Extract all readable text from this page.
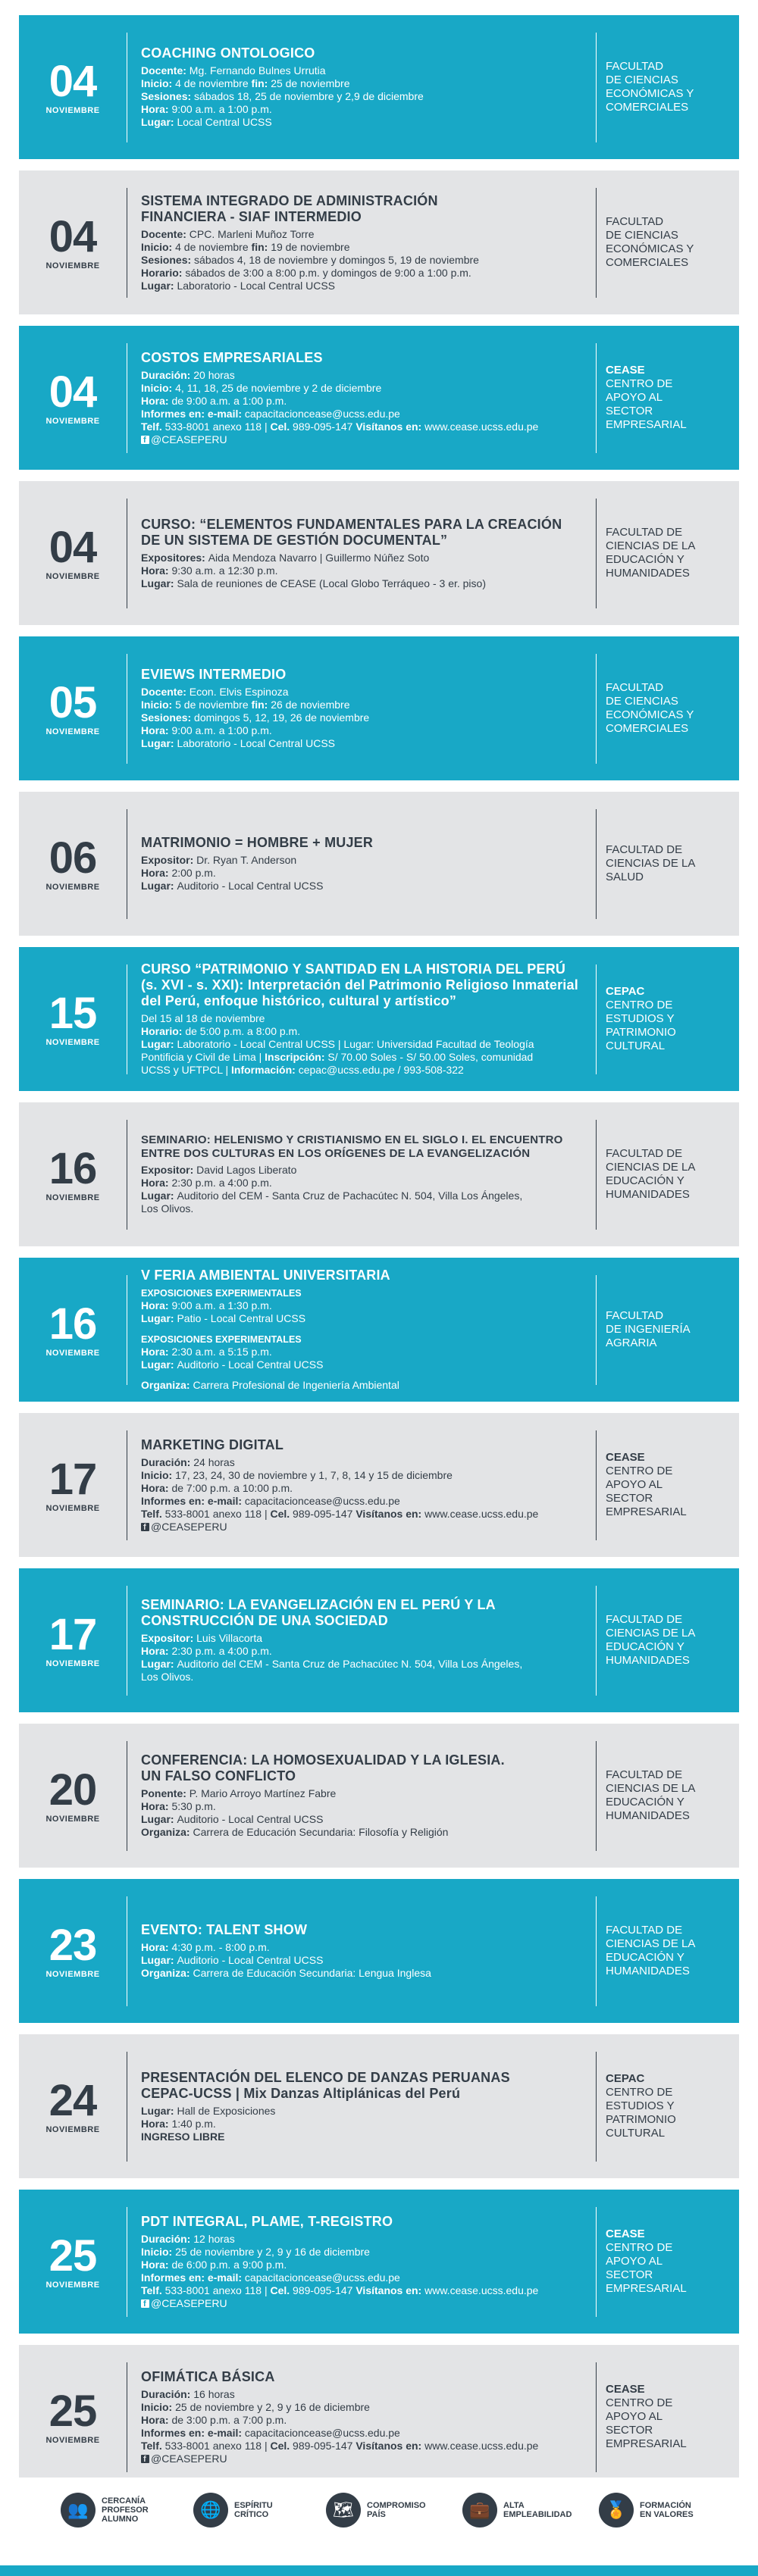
04
NOVIEMBRE
COACHING ONTOLOGICO
Docente: Mg. Fernando Bulnes Urrutia
Inicio: 4 de noviembre fin: 25 de noviembre
Sesiones: sábados 18, 25 de noviembre y 2,9 de diciembre
Hora: 9:00 a.m. a 1:00 p.m.
Lugar: Local Central UCSS
FACULTAD
DE CIENCIAS
ECONÓMICAS Y
COMERCIALES
04
NOVIEMBRE
SISTEMA INTEGRADO DE ADMINISTRACIÓN
FINANCIERA - SIAF INTERMEDIO
Docente: CPC. Marleni Muñoz Torre
Inicio: 4 de noviembre fin: 19 de noviembre
Sesiones: sábados 4, 18 de noviembre y domingos 5, 19 de noviembre
Horario: sábados de 3:00 a 8:00 p.m. y domingos de 9:00 a 1:00 p.m.
Lugar: Laboratorio - Local Central UCSS
FACULTAD
DE CIENCIAS
ECONÓMICAS Y
COMERCIALES
04
NOVIEMBRE
COSTOS EMPRESARIALES
Duración: 20 horas
Inicio: 4, 11, 18, 25 de noviembre y 2 de diciembre
Hora: de 9:00 a.m. a 1:00 p.m.
Informes en: e-mail: capacitacioncease@ucss.edu.pe
Telf. 533-8001 anexo 118 | Cel. 989-095-147 Visítanos en: www.cease.ucss.edu.pe
f@CEASEPERU
CEASE
CENTRO DE
APOYO AL
SECTOR
EMPRESARIAL
04
NOVIEMBRE
CURSO: “ELEMENTOS FUNDAMENTALES PARA LA CREACIÓN
DE UN SISTEMA DE GESTIÓN DOCUMENTAL”
Expositores: Aida Mendoza Navarro | Guillermo Núñez Soto
Hora: 9:30 a.m. a 12:30 p.m.
Lugar: Sala de reuniones de CEASE (Local Globo Terráqueo - 3 er. piso)
FACULTAD DE
CIENCIAS DE LA
EDUCACIÓN Y
HUMANIDADES
05
NOVIEMBRE
EVIEWS INTERMEDIO
Docente: Econ. Elvis Espinoza
Inicio: 5 de noviembre fin: 26 de noviembre
Sesiones: domingos 5, 12, 19, 26 de noviembre
Hora: 9:00 a.m. a 1:00 p.m.
Lugar: Laboratorio - Local Central UCSS
FACULTAD
DE CIENCIAS
ECONÓMICAS Y
COMERCIALES
06
NOVIEMBRE
MATRIMONIO = HOMBRE + MUJER
Expositor: Dr. Ryan T. Anderson
Hora: 2:00 p.m.
Lugar: Auditorio - Local Central UCSS
FACULTAD DE
CIENCIAS DE LA
SALUD
15
NOVIEMBRE
CURSO “PATRIMONIO Y SANTIDAD EN LA HISTORIA DEL PERÚ
(s. XVI - s. XXI): Interpretación del Patrimonio Religioso Inmaterial
del Perú, enfoque histórico, cultural y artístico”
Del 15 al 18 de noviembre
Horario: de 5:00 p.m. a 8:00 p.m.
Lugar: Laboratorio - Local Central UCSS | Lugar: Universidad Facultad de Teología
Pontificia y Civil de Lima | Inscripción: S/ 70.00 Soles - S/ 50.00 Soles, comunidad
UCSS y UFTPCL | Información: cepac@ucss.edu.pe / 993-508-322
CEPAC
CENTRO DE
ESTUDIOS Y
PATRIMONIO
CULTURAL
16
NOVIEMBRE
SEMINARIO: HELENISMO Y CRISTIANISMO EN EL SIGLO I. EL ENCUENTRO
ENTRE DOS CULTURAS EN LOS ORÍGENES DE LA EVANGELIZACIÓN
Expositor: David Lagos Liberato
Hora: 2:30 p.m. a 4:00 p.m.
Lugar: Auditorio del CEM - Santa Cruz de Pachacútec N. 504, Villa Los Ángeles,
Los Olivos.
FACULTAD DE
CIENCIAS DE LA
EDUCACIÓN Y
HUMANIDADES
16
NOVIEMBRE
V FERIA AMBIENTAL UNIVERSITARIA
EXPOSICIONES EXPERIMENTALES
Hora: 9:00 a.m. a 1:30 p.m.
Lugar: Patio - Local Central UCSS
EXPOSICIONES EXPERIMENTALES
Hora: 2:30 a.m. a 5:15 p.m.
Lugar: Auditorio - Local Central UCSS
Organiza: Carrera Profesional de Ingeniería Ambiental
FACULTAD
DE INGENIERÍA
AGRARIA
17
NOVIEMBRE
MARKETING DIGITAL
Duración: 24 horas
Inicio: 17, 23, 24, 30 de noviembre y 1, 7, 8, 14 y 15 de diciembre
Hora: de 7:00 p.m. a 10:00 p.m.
Informes en: e-mail: capacitacioncease@ucss.edu.pe
Telf. 533-8001 anexo 118 | Cel. 989-095-147 Visítanos en: www.cease.ucss.edu.pe
f@CEASEPERU
CEASE
CENTRO DE
APOYO AL
SECTOR
EMPRESARIAL
17
NOVIEMBRE
SEMINARIO: LA EVANGELIZACIÓN EN EL PERÚ Y LA
CONSTRUCCIÓN DE UNA SOCIEDAD
Expositor: Luis Villacorta
Hora: 2:30 p.m. a 4:00 p.m.
Lugar: Auditorio del CEM - Santa Cruz de Pachacútec N. 504, Villa Los Ángeles,
Los Olivos.
FACULTAD DE
CIENCIAS DE LA
EDUCACIÓN Y
HUMANIDADES
20
NOVIEMBRE
CONFERENCIA: LA HOMOSEXUALIDAD Y LA IGLESIA.
UN FALSO CONFLICTO
Ponente: P. Mario Arroyo Martínez Fabre
Hora: 5:30 p.m.
Lugar: Auditorio - Local Central UCSS
Organiza: Carrera de Educación Secundaria: Filosofía y Religión
FACULTAD DE
CIENCIAS DE LA
EDUCACIÓN Y
HUMANIDADES
23
NOVIEMBRE
EVENTO: TALENT SHOW
Hora: 4:30 p.m. - 8:00 p.m.
Lugar: Auditorio - Local Central UCSS
Organiza: Carrera de Educación Secundaria: Lengua Inglesa
FACULTAD DE
CIENCIAS DE LA
EDUCACIÓN Y
HUMANIDADES
24
NOVIEMBRE
PRESENTACIÓN DEL ELENCO DE DANZAS PERUANAS
CEPAC-UCSS | Mix Danzas Altiplánicas del Perú
Lugar: Hall de Exposiciones
Hora: 1:40 p.m.
INGRESO LIBRE
CEPAC
CENTRO DE
ESTUDIOS Y
PATRIMONIO
CULTURAL
25
NOVIEMBRE
PDT INTEGRAL, PLAME, T-REGISTRO
Duración: 12 horas
Inicio: 25 de noviembre y 2, 9 y 16 de diciembre
Hora: de 6:00 p.m. a 9:00 p.m.
Informes en: e-mail: capacitacioncease@ucss.edu.pe
Telf. 533-8001 anexo 118 | Cel. 989-095-147 Visítanos en: www.cease.ucss.edu.pe
f@CEASEPERU
CEASE
CENTRO DE
APOYO AL
SECTOR
EMPRESARIAL
25
NOVIEMBRE
OFIMÁTICA BÁSICA
Duración: 16 horas
Inicio: 25 de noviembre y 2, 9 y 16 de diciembre
Hora: de 3:00 p.m. a 7:00 p.m.
Informes en: e-mail: capacitacioncease@ucss.edu.pe
Telf. 533-8001 anexo 118 | Cel. 989-095-147 Visítanos en: www.cease.ucss.edu.pe
f@CEASEPERU
CEASE
CENTRO DE
APOYO AL
SECTOR
EMPRESARIAL
👥	CERCANÍA
PROFESOR
ALUMNO	🌐	ESPÍRITU
CRÍTICO	🗺	COMPROMISO
PAÍS	💼	ALTA
EMPLEABILIDAD	🏅	FORMACIÓN
EN VALORES
